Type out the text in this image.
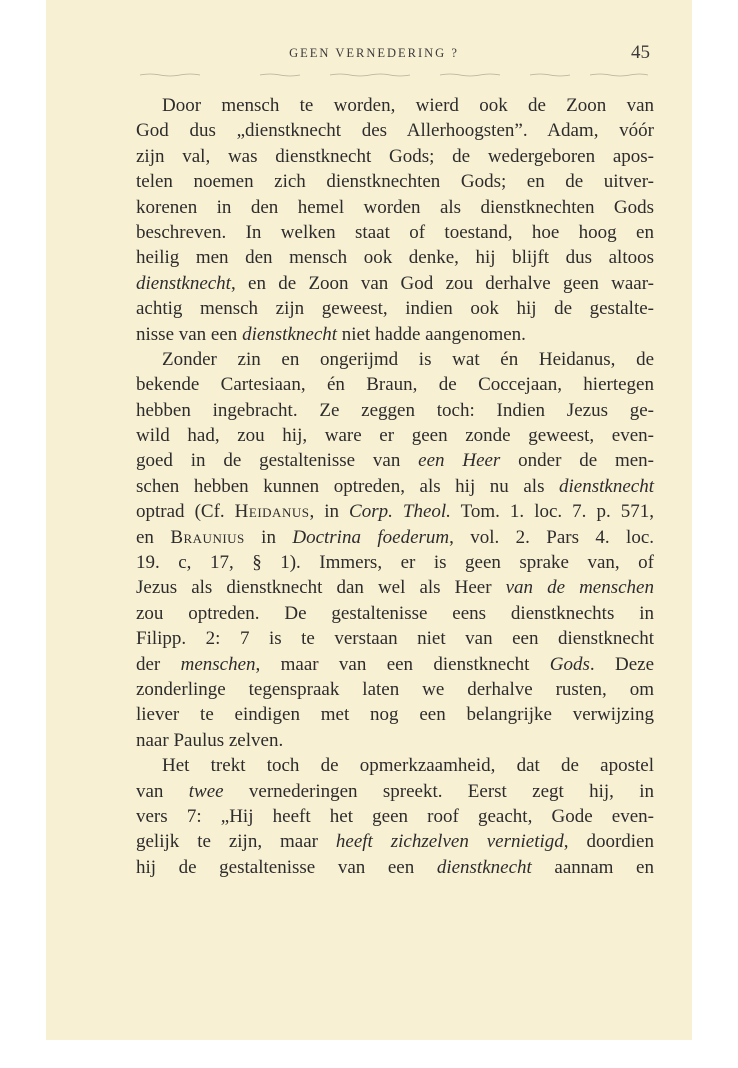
GEEN VERNEDERING ?	45
Door mensch te worden, wierd ook de Zoon van
God dus „dienstknecht des Allerhoogsten”. Adam, vóór
zijn val, was dienstknecht Gods; de wedergeboren apos-
telen noemen zich dienstknechten Gods; en de uitver-
korenen in den hemel worden als dienstknechten Gods
beschreven. In welken staat of toestand, hoe hoog en
heilig men den mensch ook denke, hij blijft dus altoos
dienstknecht, en de Zoon van God zou derhalve geen waar-
achtig mensch zijn geweest, indien ook hij de gestalte-
nisse van een dienstknecht niet hadde aangenomen.
Zonder zin en ongerijmd is wat én Heidanus, de
bekende Cartesiaan, én Braun, de Coccejaan, hiertegen
hebben ingebracht. Ze zeggen toch: Indien Jezus ge-
wild had, zou hij, ware er geen zonde geweest, even-
goed in de gestaltenisse van een Heer onder de men-
schen hebben kunnen optreden, als hij nu als dienstknecht
optrad (Cf. Heidanus, in Corp. Theol. Tom. 1. loc. 7. p. 571,
en Braunius in Doctrina foederum, vol. 2. Pars 4. loc.
19. c, 17, § 1). Immers, er is geen sprake van, of
Jezus als dienstknecht dan wel als Heer van de menschen
zou optreden. De gestaltenisse eens dienstknechts in
Filipp. 2: 7 is te verstaan niet van een dienstknecht
der menschen, maar van een dienstknecht Gods. Deze
zonderlinge tegenspraak laten we derhalve rusten, om
liever te eindigen met nog een belangrijke verwijzing
naar Paulus zelven.
Het trekt toch de opmerkzaamheid, dat de apostel
van twee vernederingen spreekt. Eerst zegt hij, in
vers 7: „Hij heeft het geen roof geacht, Gode even-
gelijk te zijn, maar heeft zichzelven vernietigd, doordien
hij de gestaltenisse van een dienstknecht aannam en
